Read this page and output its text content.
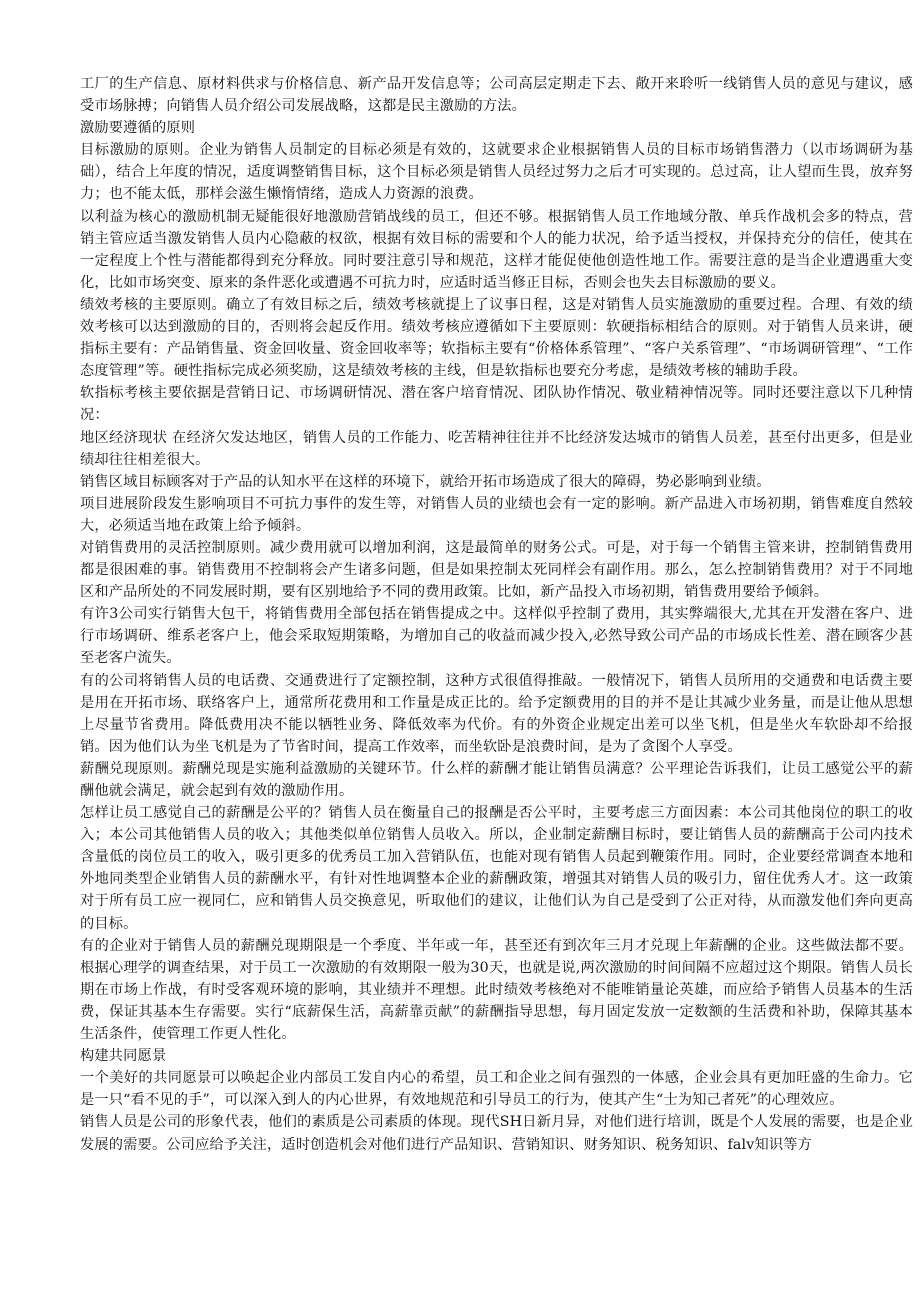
工厂的生产信息、原材料供求与价格信息、新产品开发信息等；公司高层定期走下去、敞开来聆听一线销售人员的意见与建议，感受市场脉搏；向销售人员介绍公司发展战略，这都是民主激励的方法。

激励要遵循的原则

目标激励的原则。企业为销售人员制定的目标必须是有效的，这就要求企业根据销售人员的目标市场销售潜力（以市场调研为基础），结合上年度的情况，适度调整销售目标，这个目标必须是销售人员经过努力之后才可实现的。总过高，让人望而生畏，放弃努力；也不能太低，那样会滋生懒惰情绪，造成人力资源的浪费。

以利益为核心的激励机制无疑能很好地激励营销战线的员工，但还不够。根据销售人员工作地域分散、单兵作战机会多的特点，营销主管应适当激发销售人员内心隐蔽的权欲，根据有效目标的需要和个人的能力状况，给予适当授权，并保持充分的信任，使其在一定程度上个性与潜能都得到充分释放。同时要注意引导和规范，这样才能促使他创造性地工作。需要注意的是当企业遭遇重大变化，比如市场突变、原来的条件恶化或遭遇不可抗力时，应适时适当修正目标，否则会也失去目标激励的要义。

绩效考核的主要原则。确立了有效目标之后，绩效考核就提上了议事日程，这是对销售人员实施激励的重要过程。合理、有效的绩效考核可以达到激励的目的，否则将会起反作用。绩效考核应遵循如下主要原则：软硬指标相结合的原则。对于销售人员来讲，硬指标主要有：产品销售量、资金回收量、资金回收率等；软指标主要有“价格体系管理”、“客户关系管理”、“市场调研管理”、“工作态度管理”等。硬性指标完成必须奖励，这是绩效考核的主线，但是软指标也要充分考虑，是绩效考核的辅助手段。

软指标考核主要依据是营销日记、市场调研情况、潜在客户培育情况、团队协作情况、敬业精神情况等。同时还要注意以下几种情况：

地区经济现状 在经济欠发达地区，销售人员的工作能力、吃苦精神往往并不比经济发达城市的销售人员差，甚至付出更多，但是业绩却往往相差很大。

销售区域目标顾客对于产品的认知水平在这样的环境下，就给开拓市场造成了很大的障碍，势必影响到业绩。

项目进展阶段发生影响项目不可抗力事件的发生等，对销售人员的业绩也会有一定的影响。新产品进入市场初期，销售难度自然较大，必须适当地在政策上给予倾斜。

对销售费用的灵活控制原则。减少费用就可以增加利润，这是最简单的财务公式。可是，对于每一个销售主管来讲，控制销售费用都是很困难的事。销售费用不控制将会产生诸多问题，但是如果控制太死同样会有副作用。那么，怎么控制销售费用？对于不同地区和产品所处的不同发展时期，要有区别地给予不同的费用政策。比如，新产品投入市场初期，销售费用要给予倾斜。

有许3公司实行销售大包干，将销售费用全部包括在销售提成之中。这样似乎控制了费用，其实弊端很大,尤其在开发潜在客户、进行市场调研、维系老客户上，他会采取短期策略，为增加自己的收益而减少投入,必然导致公司产品的市场成长性差、潜在顾客少甚至老客户流失。

有的公司将销售人员的电话费、交通费进行了定额控制，这种方式很值得推敲。一般情况下，销售人员所用的交通费和电话费主要是用在开拓市场、联络客户上，通常所花费用和工作量是成正比的。给予定额费用的目的并不是让其减少业务量，而是让他从思想上尽量节省费用。降低费用决不能以牺牲业务、降低效率为代价。有的外资企业规定出差可以坐飞机，但是坐火车软卧却不给报销。因为他们认为坐飞机是为了节省时间，提高工作效率，而坐软卧是浪费时间，是为了贪图个人享受。

薪酬兑现原则。薪酬兑现是实施利益激励的关键环节。什么样的薪酬才能让销售员满意？公平理论告诉我们，让员工感觉公平的薪酬他就会满足，就会起到有效的激励作用。

怎样让员工感觉自己的薪酬是公平的？销售人员在衡量自己的报酬是否公平时，主要考虑三方面因素：本公司其他岗位的职工的收入；本公司其他销售人员的收入；其他类似单位销售人员收入。所以，企业制定薪酬目标时，要让销售人员的薪酬高于公司内技术含量低的岗位员工的收入，吸引更多的优秀员工加入营销队伍，也能对现有销售人员起到鞭策作用。同时，企业要经常调查本地和外地同类型企业销售人员的薪酬水平，有针对性地调整本企业的薪酬政策，增强其对销售人员的吸引力，留住优秀人才。这一政策对于所有员工应一视同仁，应和销售人员交换意见，听取他们的建议，让他们认为自己是受到了公正对待，从而激发他们奔向更高的目标。

有的企业对于销售人员的薪酬兑现期限是一个季度、半年或一年，甚至还有到次年三月才兑现上年薪酬的企业。这些做法都不要。根据心理学的调查结果，对于员工一次激励的有效期限一般为30天，也就是说,两次激励的时间间隔不应超过这个期限。销售人员长期在市场上作战，有时受客观环境的影响，其业绩并不理想。此时绩效考核绝对不能唯销量论英雄，而应给予销售人员基本的生活费，保证其基本生存需要。实行“底薪保生活，高薪靠贡献”的薪酬指导思想，每月固定发放一定数额的生活费和补助，保障其基本生活条件，使管理工作更人性化。

构建共同愿景

一个美好的共同愿景可以唤起企业内部员工发自内心的希望，员工和企业之间有强烈的一体感，企业会具有更加旺盛的生命力。它是一只“看不见的手”，可以深入到人的内心世界，有效地规范和引导员工的行为，使其产生“士为知己者死”的心理效应。

销售人员是公司的形象代表，他们的素质是公司素质的体现。现代SH日新月异，对他们进行培训，既是个人发展的需要，也是企业发展的需要。公司应给予关注，适时创造机会对他们进行产品知识、营销知识、财务知识、税务知识、falv知识等方
